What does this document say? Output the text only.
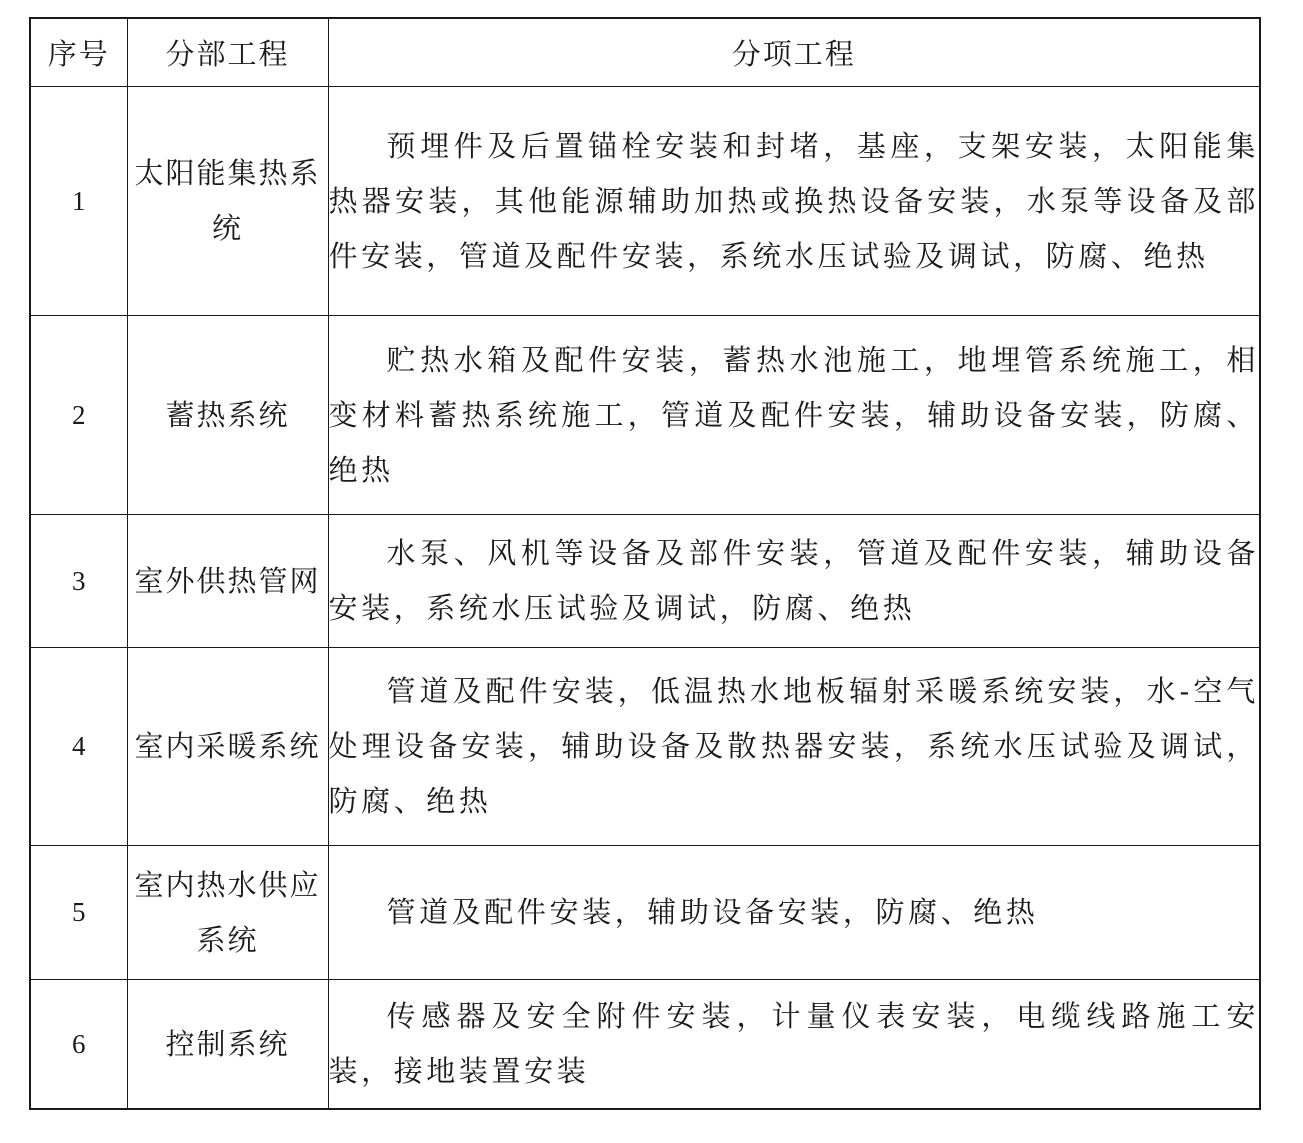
序号	分部工程	分项工程
1	太阳能集热系统	预埋件及后置锚栓安装和封堵，基座，支架安装，太阳能集热器安装，其他能源辅助加热或换热设备安装，水泵等设备及部件安装，管道及配件安装，系统水压试验及调试，防腐、绝热
2	蓄热系统	贮热水箱及配件安装，蓄热水池施工，地埋管系统施工，相变材料蓄热系统施工，管道及配件安装，辅助设备安装，防腐、绝热
3	室外供热管网	水泵、风机等设备及部件安装，管道及配件安装，辅助设备安装，系统水压试验及调试，防腐、绝热
4	室内采暖系统	管道及配件安装，低温热水地板辐射采暖系统安装，水-空气处理设备安装，辅助设备及散热器安装，系统水压试验及调试，防腐、绝热
5	室内热水供应系统	管道及配件安装，辅助设备安装，防腐、绝热
6	控制系统	传感器及安全附件安装，计量仪表安装，电缆线路施工安装，接地装置安装
